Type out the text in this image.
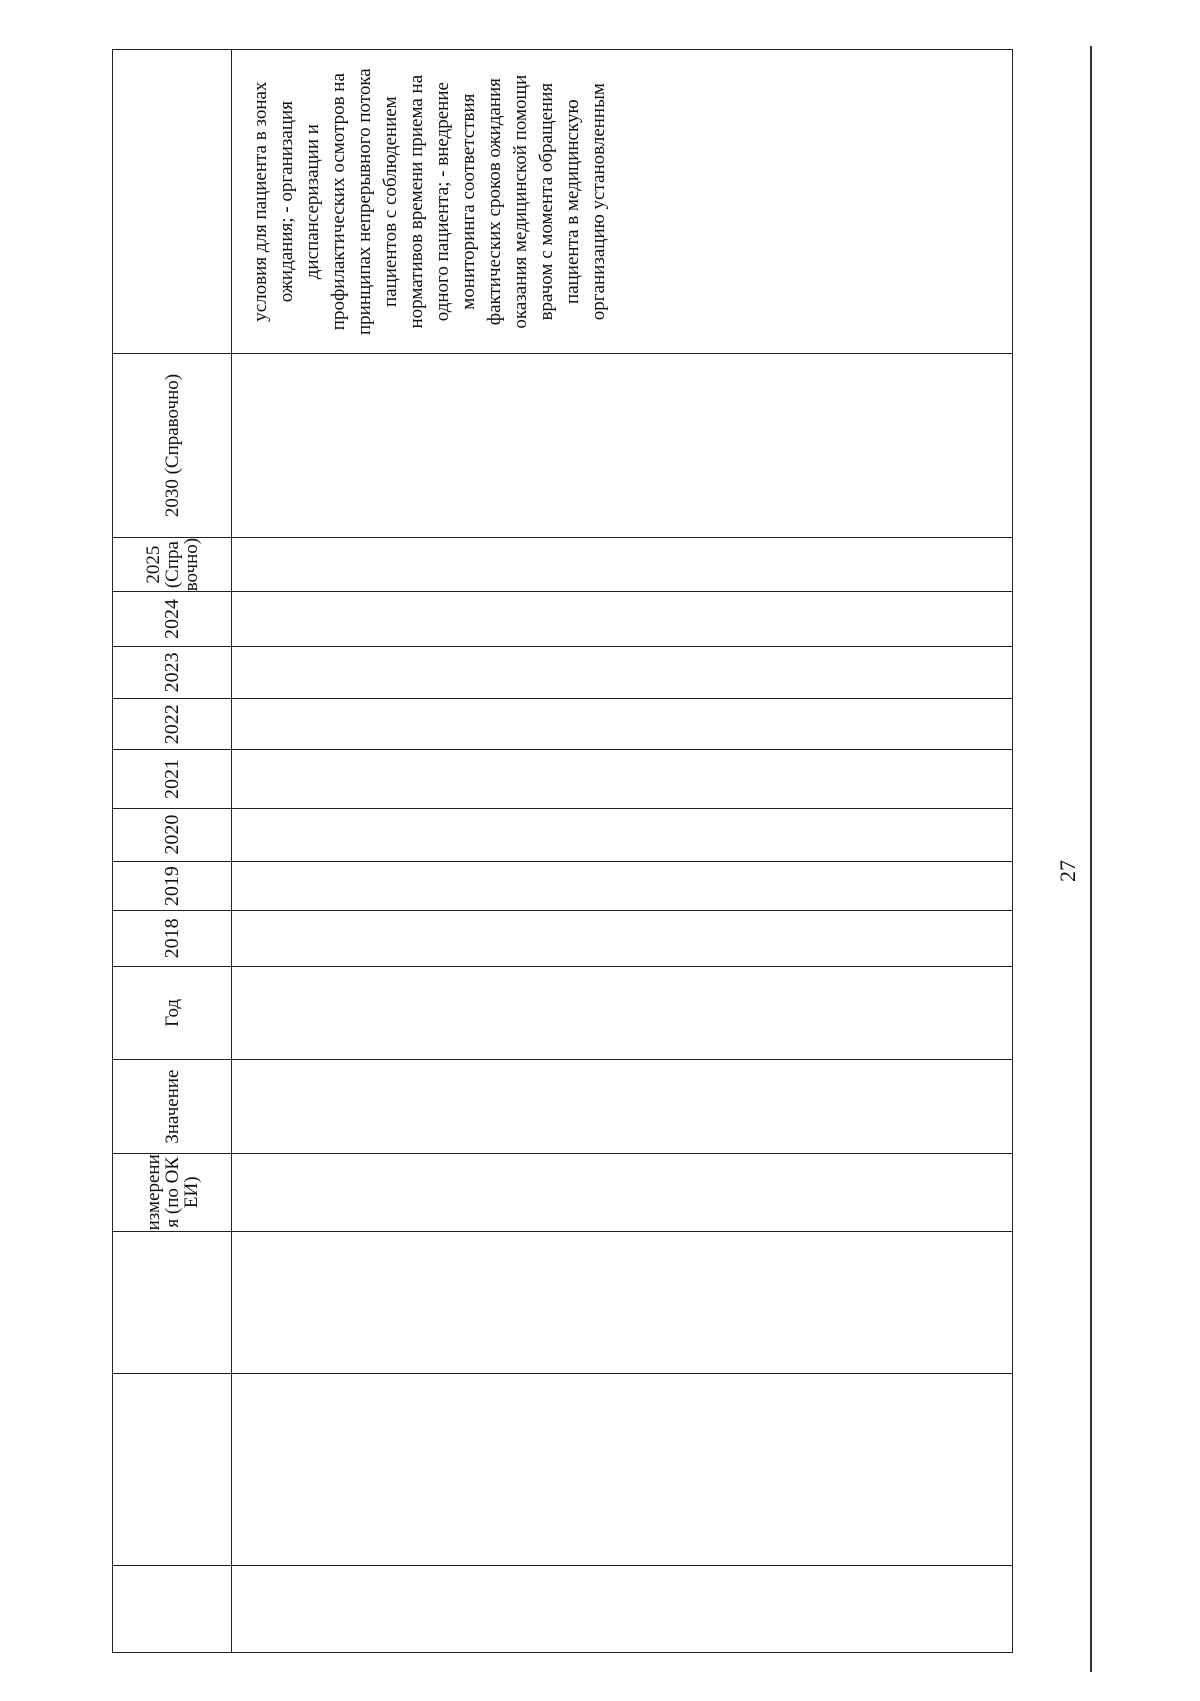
			измерения (по ОКЕИ)	Значение	Год	2018	2019	2020	2021	2022	2023	2024	2025 (Справочно)	2030 (Справочно)	

															условия для пациента в зонах ожидания; - организация диспансеризации и профилактических осмотров на принципах непрерывного потока пациентов с соблюдением нормативов времени приема на одного пациента; - внедрение мониторинга соответствия фактических сроков ожидания оказания медицинской помощи врачом с момента обращения пациента в медицинскую организацию установленным
27
